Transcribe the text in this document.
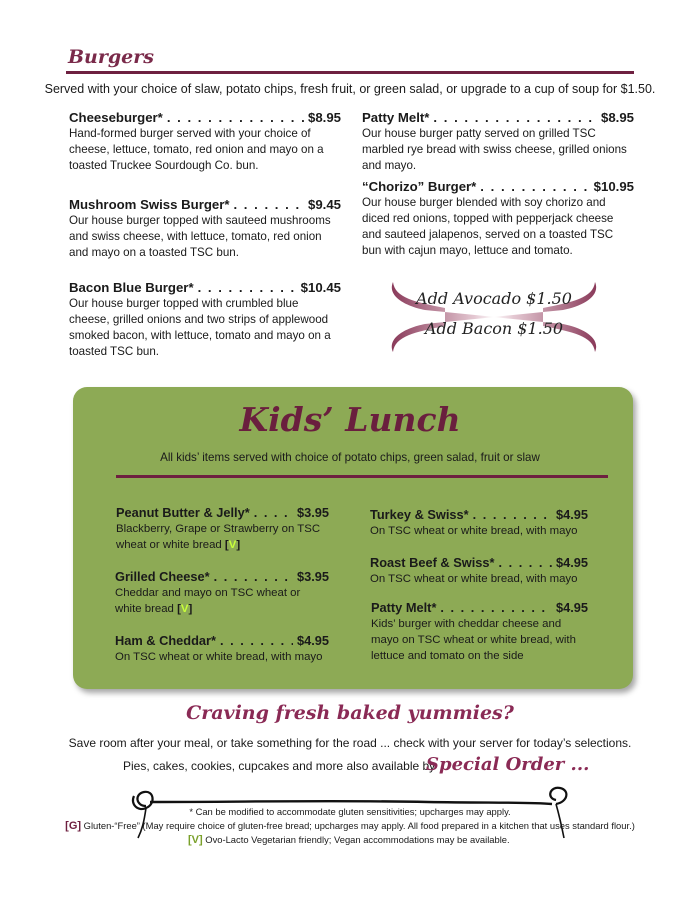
Burgers
Served with your choice of slaw, potato chips, fresh fruit, or green salad, or upgrade to a cup of soup for $1.50.
Cheeseburger* . . .	$8.95
Hand-formed burger served with your choice of cheese, lettuce, tomato, red onion and mayo on a toasted Truckee Sourdough Co. bun.
Mushroom Swiss Burger* . . .	$9.45
Our house burger topped with sauteed mushrooms and swiss cheese, with lettuce, tomato, red onion and mayo on a toasted TSC bun.
Bacon Blue Burger* . . .	$10.45
Our house burger topped with crumbled blue cheese, grilled onions and two strips of applewood smoked bacon, with lettuce, tomato and mayo on a toasted TSC bun.
Patty Melt* . . .	$8.95
Our house burger patty served on grilled TSC marbled rye bread with swiss cheese, grilled onions and mayo.
“Chorizo” Burger* . . .	$10.95
Our house burger blended with soy chorizo and diced red onions, topped with pepperjack cheese and sauteed jalapenos, served on a toasted TSC bun with cajun mayo, lettuce and tomato.
Add Avocado $1.50
Add Bacon $1.50
Kids’ Lunch
All kids’ items served with choice of potato chips, green salad, fruit or slaw
Peanut Butter & Jelly* . . .	$3.95
Blackberry, Grape or Strawberry on TSC wheat or white bread [V]
Grilled Cheese* . . .	$3.95
Cheddar and mayo on TSC wheat or white bread [V]
Ham & Cheddar* . . .	$4.95
On TSC wheat or white bread, with mayo
Turkey & Swiss* . . .	$4.95
On TSC wheat or white bread, with mayo
Roast Beef & Swiss* . . .	$4.95
On TSC wheat or white bread, with mayo
Patty Melt* . . .	$4.95
Kids’ burger with cheddar cheese and mayo on TSC wheat or white bread, with lettuce and tomato on the side
Craving fresh baked yummies?
Save room after your meal, or take something for the road ... check with your server for today’s selections.
Pies, cakes, cookies, cupcakes and more also available by
Special Order ...
* Can be modified to accommodate gluten sensitivities; upcharges may apply.
[G] Gluten-“Free” (May require choice of gluten-free bread; upcharges may apply. All food prepared in a kitchen that uses standard flour.)
[V] Ovo-Lacto Vegetarian friendly; Vegan accommodations may be available.
